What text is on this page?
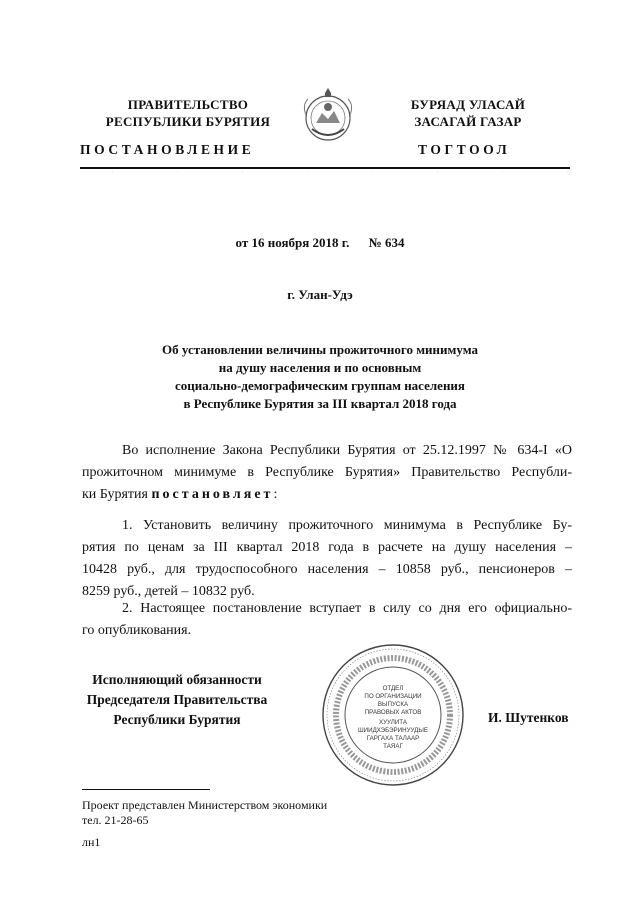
ПРАВИТЕЛЬСТВО
РЕСПУБЛИКИ БУРЯТИЯ
БУРЯАД УЛАСАЙ
ЗАСАГАЙ ГАЗАР
ПОСТАНОВЛЕНИЕ	ТОГТООЛ
от 16 ноября 2018 г. № 634
г. Улан-Удэ
Об установлении величины прожиточного минимума
на душу населения и по основным
социально-демографическим группам населения
в Республике Бурятия за III квартал 2018 года
Во исполнение Закона Республики Бурятия от 25.12.1997 № 634-I «О
прожиточном минимуме в Республике Бурятия» Правительство Республи-
ки Бурятия постановляет:
1. Установить величину прожиточного минимума в Республике Бу-
рятия по ценам за III квартал 2018 года в расчете на душу населения –
10428 руб., для трудоспособного населения – 10858 руб., пенсионеров –
8259 руб., детей – 10832 руб.
2. Настоящее постановление вступает в силу со дня его официально-
го опубликования.
Исполняющий обязанности
Председателя Правительства
Республики Бурятия
ОТДЕЛ
ПО ОРГАНИЗАЦИИ
ВЫПУСКА
ПРАВОВЫХ АКТОВ
ХУУЛИТА
ШИИДХЭБЭРИНУУДЫЕ
ГАРГАХА ТАЛААР
ТАЯАГ
И. Шутенков
Проект представлен Министерством экономики
тел. 21-28-65
лн1
